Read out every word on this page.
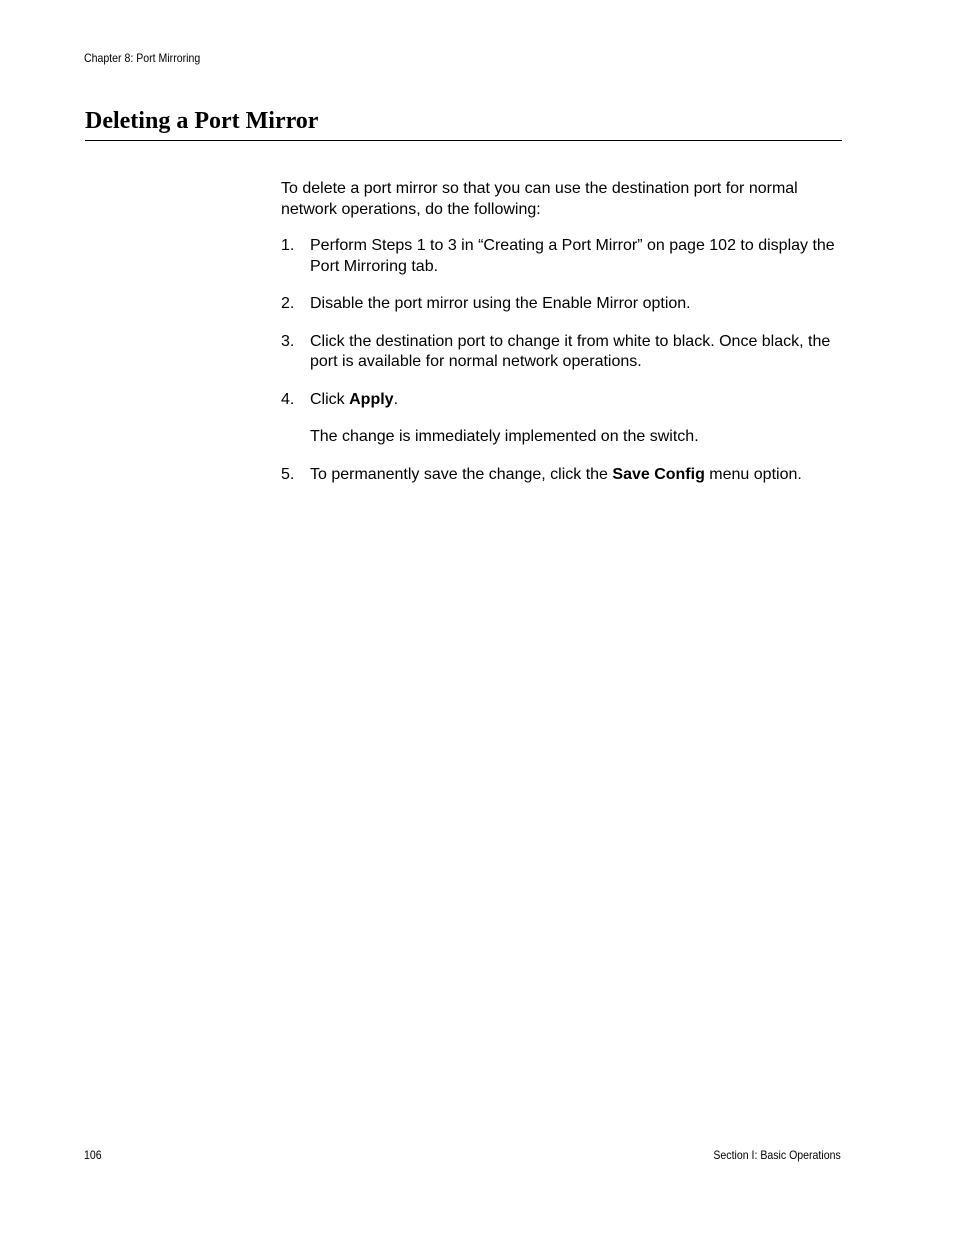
Chapter 8: Port Mirroring
Deleting a Port Mirror

To delete a port mirror so that you can use the destination port for normal network operations, do the following:

1. Perform Steps 1 to 3 in “Creating a Port Mirror” on page 102 to display the Port Mirroring tab.

2. Disable the port mirror using the Enable Mirror option.

3. Click the destination port to change it from white to black. Once black, the port is available for normal network operations.

4. Click Apply.

The change is immediately implemented on the switch.

5. To permanently save the change, click the Save Config menu option.

106	Section I: Basic Operations
